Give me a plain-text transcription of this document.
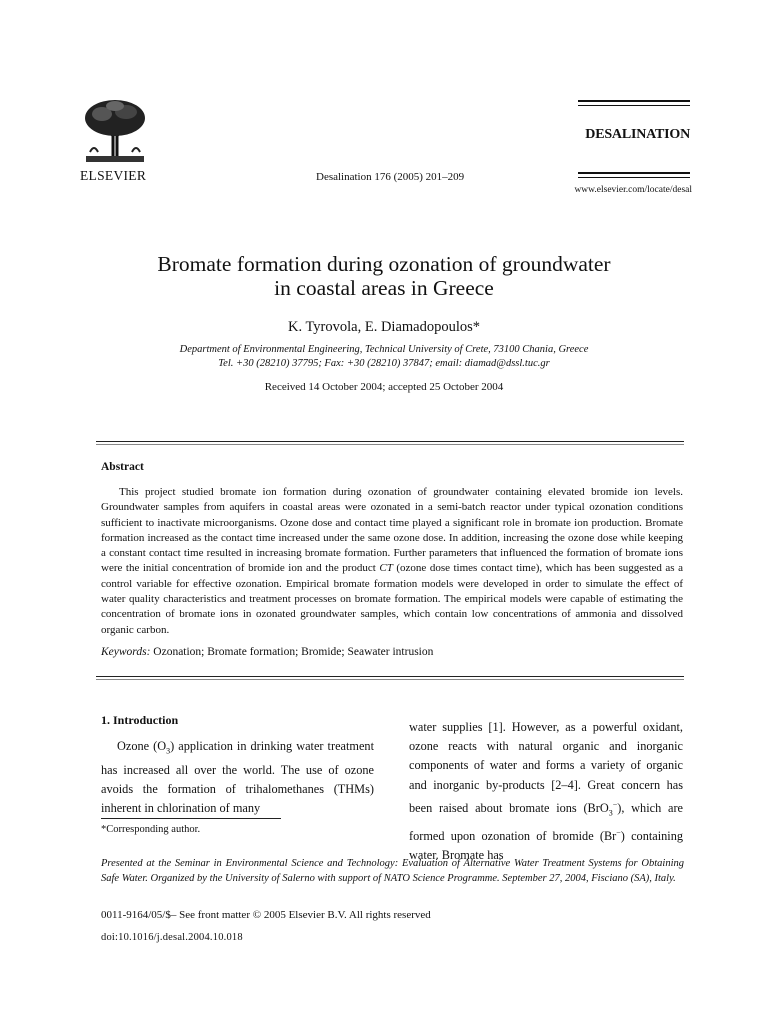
ELSEVIER	Desalination 176 (2005) 201–209
DESALINATION
www.elsevier.com/locate/desal
Bromate formation during ozonation of groundwater
in coastal areas in Greece
K. Tyrovola, E. Diamadopoulos*
Department of Environmental Engineering, Technical University of Crete, 73100 Chania, Greece
Tel. +30 (28210) 37795; Fax: +30 (28210) 37847; email: diamad@dssl.tuc.gr
Received 14 October 2004; accepted 25 October 2004
Abstract
This project studied bromate ion formation during ozonation of groundwater containing elevated bromide ion levels. Groundwater samples from aquifers in coastal areas were ozonated in a semi-batch reactor under typical ozonation conditions sufficient to inactivate microorganisms. Ozone dose and contact time played a significant role in bromate ion production. Bromate formation increased as the contact time increased under the same ozone dose. In addition, increasing the ozone dose while keeping a constant contact time resulted in increasing bromate formation. Further parameters that influenced the formation of bromate ions were the initial concentration of bromide ion and the product CT (ozone dose times contact time), which has been suggested as a control variable for effective ozonation. Empirical bromate formation models were developed in order to simulate the effect of water quality characteristics and treatment processes on bromate formation. The empirical models were capable of estimating the concentration of bromate ions in ozonated groundwater samples, which contain low concentrations of ammonia and dissolved organic carbon.
Keywords: Ozonation; Bromate formation; Bromide; Seawater intrusion
1. Introduction
Ozone $(O_3)$ application in drinking water treatment has increased all over the world. The use of ozone avoids the formation of trihalomethanes (THMs) inherent in chlorination of many
water supplies [1]. However, as a powerful oxidant, ozone reacts with natural organic and inorganic components of water and forms a variety of organic and inorganic by-products [2–4]. Great concern has been raised about bromate ions (BrO$_3$−), which are formed upon ozonation of bromide (Br−) containing water. Bromate has
*Corresponding author.
Presented at the Seminar in Environmental Science and Technology: Evaluation of Alternative Water Treatment Systems for Obtaining Safe Water. Organized by the University of Salerno with support of NATO Science Programme. September 27, 2004, Fisciano (SA), Italy.
0011-9164/05/$– See front matter © 2005 Elsevier B.V. All rights reserved
doi:10.1016/j.desal.2004.10.018
